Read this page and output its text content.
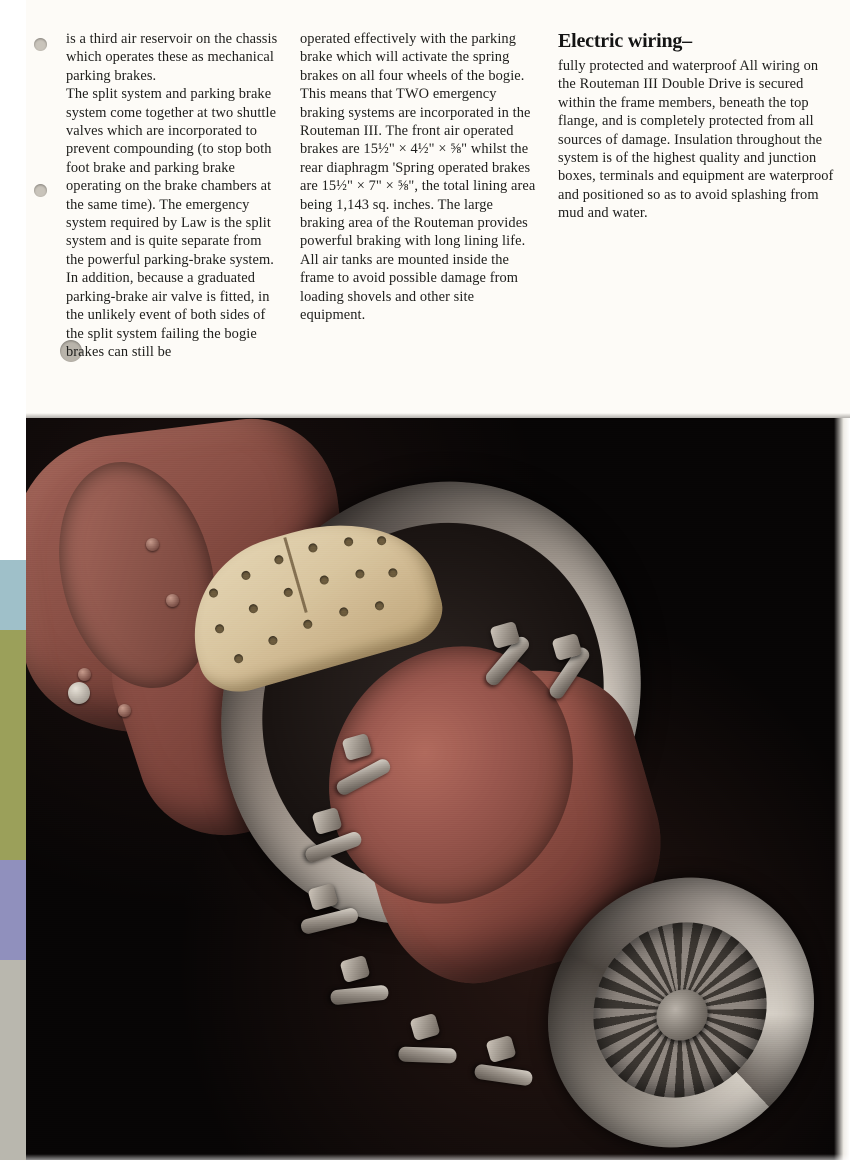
is a third air reservoir on the chassis which operates these as mechanical parking brakes.

The split system and parking brake system come together at two shuttle valves which are incorporated to prevent compounding (to stop both foot brake and parking brake operating on the brake chambers at the same time). The emergency system required by Law is the split system and is quite separate from the powerful parking-brake system.

In addition, because a graduated parking-brake air valve is fitted, in the unlikely event of both sides of the split system failing the bogie brakes can still be

operated effectively with the parking brake which will activate the spring brakes on all four wheels of the bogie. This means that TWO emergency braking systems are incorporated in the Routeman III. The front air operated brakes are 15½" × 4½" × ⅝" whilst the rear diaphragm 'Spring operated brakes are 15½" × 7" × ⅝", the total lining area being 1,143 sq. inches. The large braking area of the Routeman provides powerful braking with long lining life. All air tanks are mounted inside the frame to avoid possible damage from loading shovels and other site equipment.

Electric wiring–

fully protected and waterproof All wiring on the Routeman III Double Drive is secured within the frame members, beneath the top flange, and is completely protected from all sources of damage. Insulation throughout the system is of the highest quality and junction boxes, terminals and equipment are waterproof and positioned so as to avoid splashing from mud and water.
